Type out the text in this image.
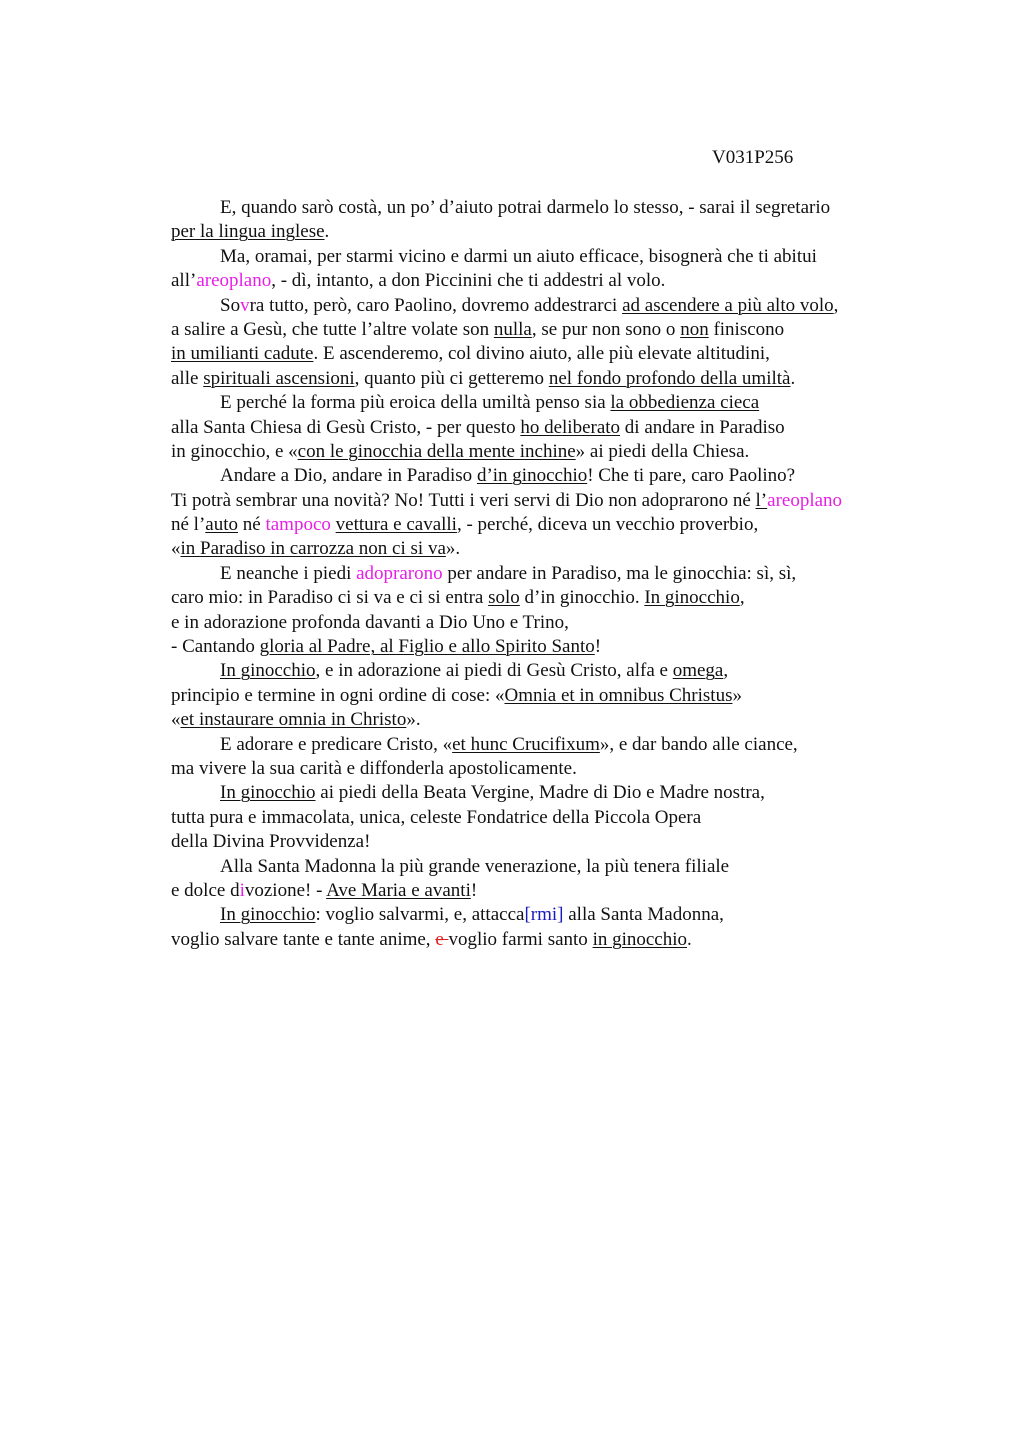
V031P256
E, quando sarò costà, un po’ d’aiuto potrai darmelo lo stesso, - sarai il segretario
per la lingua inglese.
Ma, oramai, per starmi vicino e darmi un aiuto efficace, bisognerà che ti abitui
all’areoplano, - dì, intanto, a don Piccinini che ti addestri al volo.
Sovra tutto, però, caro Paolino, dovremo addestrarci ad ascendere a più alto volo,
a salire a Gesù, che tutte l’altre volate son nulla, se pur non sono o non finiscono
in umilianti cadute. E ascenderemo, col divino aiuto, alle più elevate altitudini,
alle spirituali ascensioni, quanto più ci getteremo nel fondo profondo della umiltà.
E perché la forma più eroica della umiltà penso sia la obbedienza cieca
alla Santa Chiesa di Gesù Cristo, - per questo ho deliberato di andare in Paradiso
in ginocchio, e «con le ginocchia della mente inchine» ai piedi della Chiesa.
Andare a Dio, andare in Paradiso d’in ginocchio! Che ti pare, caro Paolino?
Ti potrà sembrar una novità? No! Tutti i veri servi di Dio non adoprarono né l’areoplano
né l’auto né tampoco vettura e cavalli, - perché, diceva un vecchio proverbio,
«in Paradiso in carrozza non ci si va».
E neanche i piedi adoprarono per andare in Paradiso, ma le ginocchia: sì, sì,
caro mio: in Paradiso ci si va e ci si entra solo d’in ginocchio. In ginocchio,
e in adorazione profonda davanti a Dio Uno e Trino,
- Cantando gloria al Padre, al Figlio e allo Spirito Santo!
In ginocchio, e in adorazione ai piedi di Gesù Cristo, alfa e omega,
principio e termine in ogni ordine di cose: «Omnia et in omnibus Christus»
«et instaurare omnia in Christo».
E adorare e predicare Cristo, «et hunc Crucifixum», e dar bando alle ciance,
ma vivere la sua carità e diffonderla apostolicamente.
In ginocchio ai piedi della Beata Vergine, Madre di Dio e Madre nostra,
tutta pura e immacolata, unica, celeste Fondatrice della Piccola Opera
della Divina Provvidenza!
Alla Santa Madonna la più grande venerazione, la più tenera filiale
e dolce divozione! - Ave Maria e avanti!
In ginocchio: voglio salvarmi, e, attacca[rmi] alla Santa Madonna,
voglio salvare tante e tante anime, e voglio farmi santo in ginocchio.
